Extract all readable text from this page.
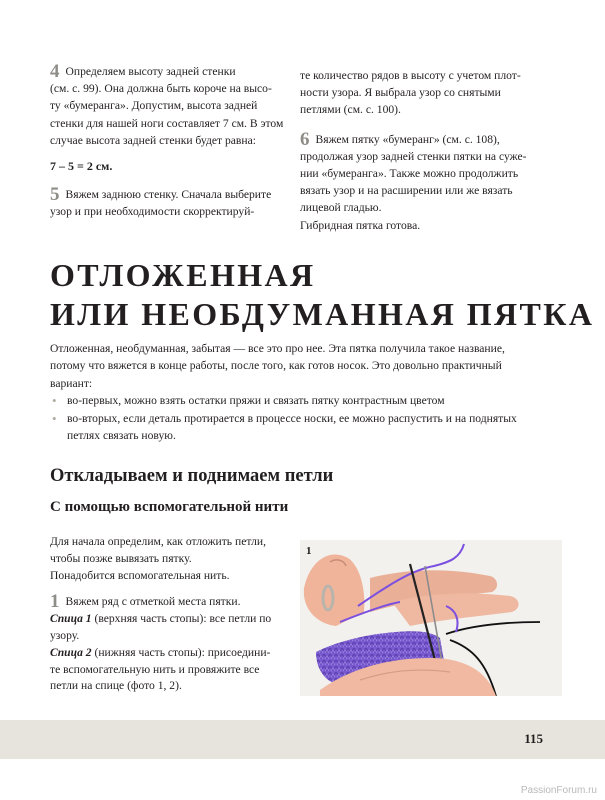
4 Определяем высоту задней стенки

(см. с. 99). Она должна быть короче на высо-

ту «бумеранга». Допустим, высота задней

стенки для нашей ноги составляет 7 см. В этом

случае высота задней стенки будет равна:

7 – 5 = 2 см.

5 Вяжем заднюю стенку. Сначала выберите

узор и при необходимости скорректируй-

те количество рядов в высоту с учетом плот-

ности узора. Я выбрала узор со снятыми

петлями (см. с. 100).

6 Вяжем пятку «бумеранг» (см. с. 108),

продолжая узор задней стенки пятки на суже-

нии «бумеранга». Также можно продолжить

вязать узор и на расширении или же вязать

лицевой гладью.

Гибридная пятка готова.

ОТЛОЖЕННАЯ
ИЛИ НЕОБДУМАННАЯ ПЯТКА

Отложенная, необдуманная, забытая — все это про нее. Эта пятка получила такое название,

потому что вяжется в конце работы, после того, как готов носок. Это довольно практичный

вариант:

• во-первых, можно взять остатки пряжи и связать пятку контрастным цветом
• во-вторых, если деталь протирается в процессе носки, ее можно распустить и на поднятых
петлях связать новую.
Откладываем и поднимаем петли
С помощью вспомогательной нити

Для начала определим, как отложить петли,

чтобы позже вывязать пятку.

Понадобится вспомогательная нить.

1 Вяжем ряд с отметкой места пятки.

Спица 1 (верхняя часть стопы): все петли по

узору.

Спица 2 (нижняя часть стопы): присоедини-

те вспомогательную нить и провяжите все

петли на спице (фото 1, 2).

1
115
PassionForum.ru
